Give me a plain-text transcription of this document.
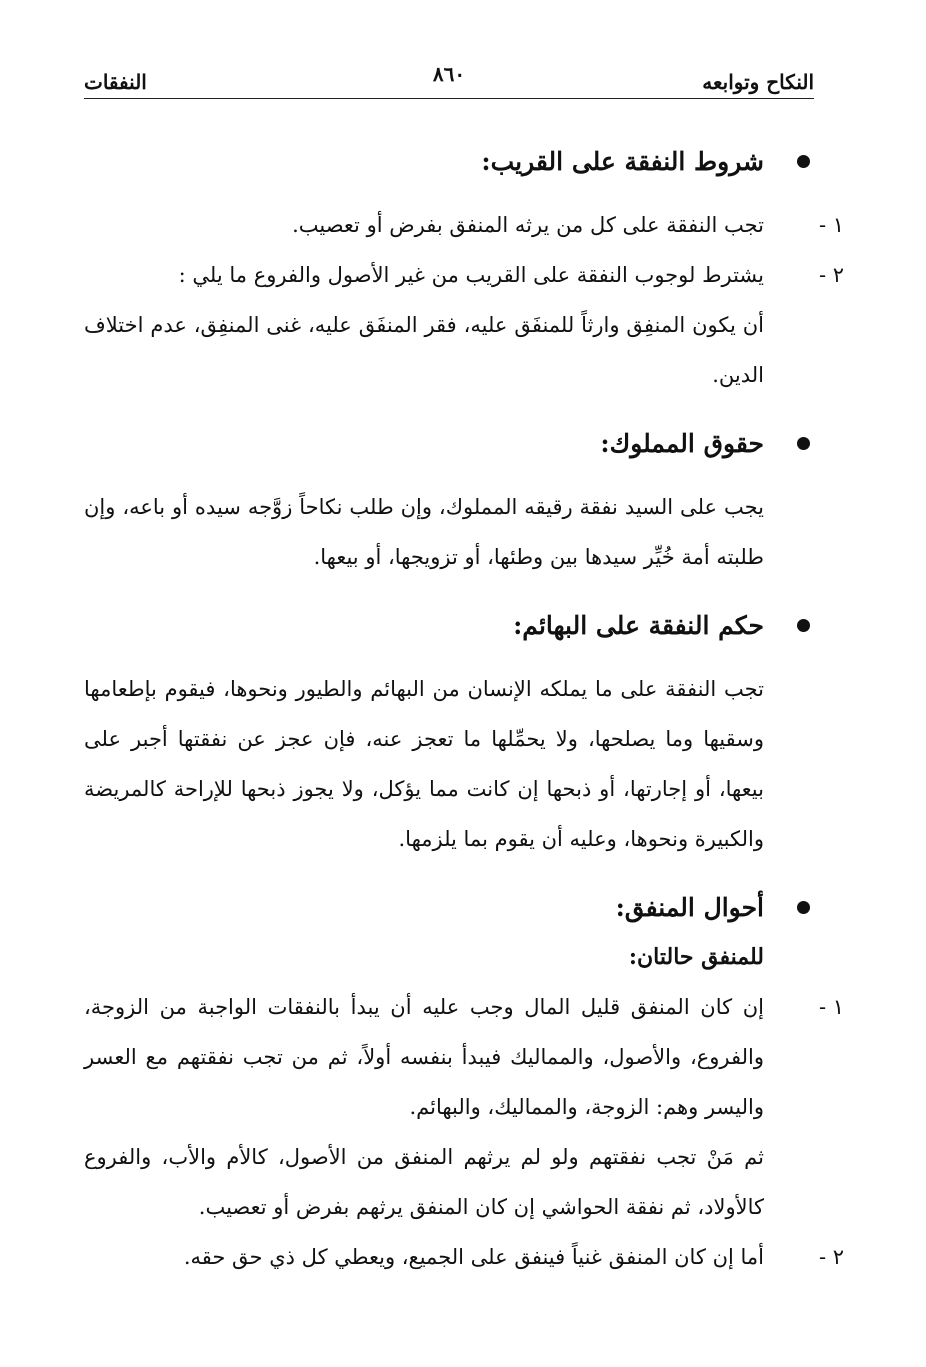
النكاح وتوابعه
٨٦٠
النفقات
شروط النفقة على القريب:
١ -

تجب النفقة على كل من يرثه المنفق بفرض أو تعصيب.

٢ -

يشترط لوجوب النفقة على القريب من غير الأصول والفروع ما يلي :

أن يكون المنفِق وارثاً للمنفَق عليه، فقر المنفَق عليه، غنى المنفِق، عدم اختلاف الدين.

حقوق المملوك:

يجب على السيد نفقة رقيقه المملوك، وإن طلب نكاحاً زوَّجه سيده أو باعه، وإن طلبته أمة خُيِّر سيدها بين وطئها، أو تزويجها، أو بيعها.

حكم النفقة على البهائم:

تجب النفقة على ما يملكه الإنسان من البهائم والطيور ونحوها، فيقوم بإطعامها وسقيها وما يصلحها، ولا يحمِّلها ما تعجز عنه، فإن عجز عن نفقتها أجبر على بيعها، أو إجارتها، أو ذبحها إن كانت مما يؤكل، ولا يجوز ذبحها للإراحة كالمريضة والكبيرة ونحوها، وعليه أن يقوم بما يلزمها.

أحوال المنفق:

للمنفق حالتان:

١ -

إن كان المنفق قليل المال وجب عليه أن يبدأ بالنفقات الواجبة من الزوجة، والفروع، والأصول، والمماليك فيبدأ بنفسه أولاً، ثم من تجب نفقتهم مع العسر واليسر وهم: الزوجة، والمماليك، والبهائم.

ثم مَنْ تجب نفقتهم ولو لم يرثهم المنفق من الأصول، كالأم والأب، والفروع كالأولاد، ثم نفقة الحواشي إن كان المنفق يرثهم بفرض أو تعصيب.

٢ -

أما إن كان المنفق غنياً فينفق على الجميع، ويعطي كل ذي حق حقه.
